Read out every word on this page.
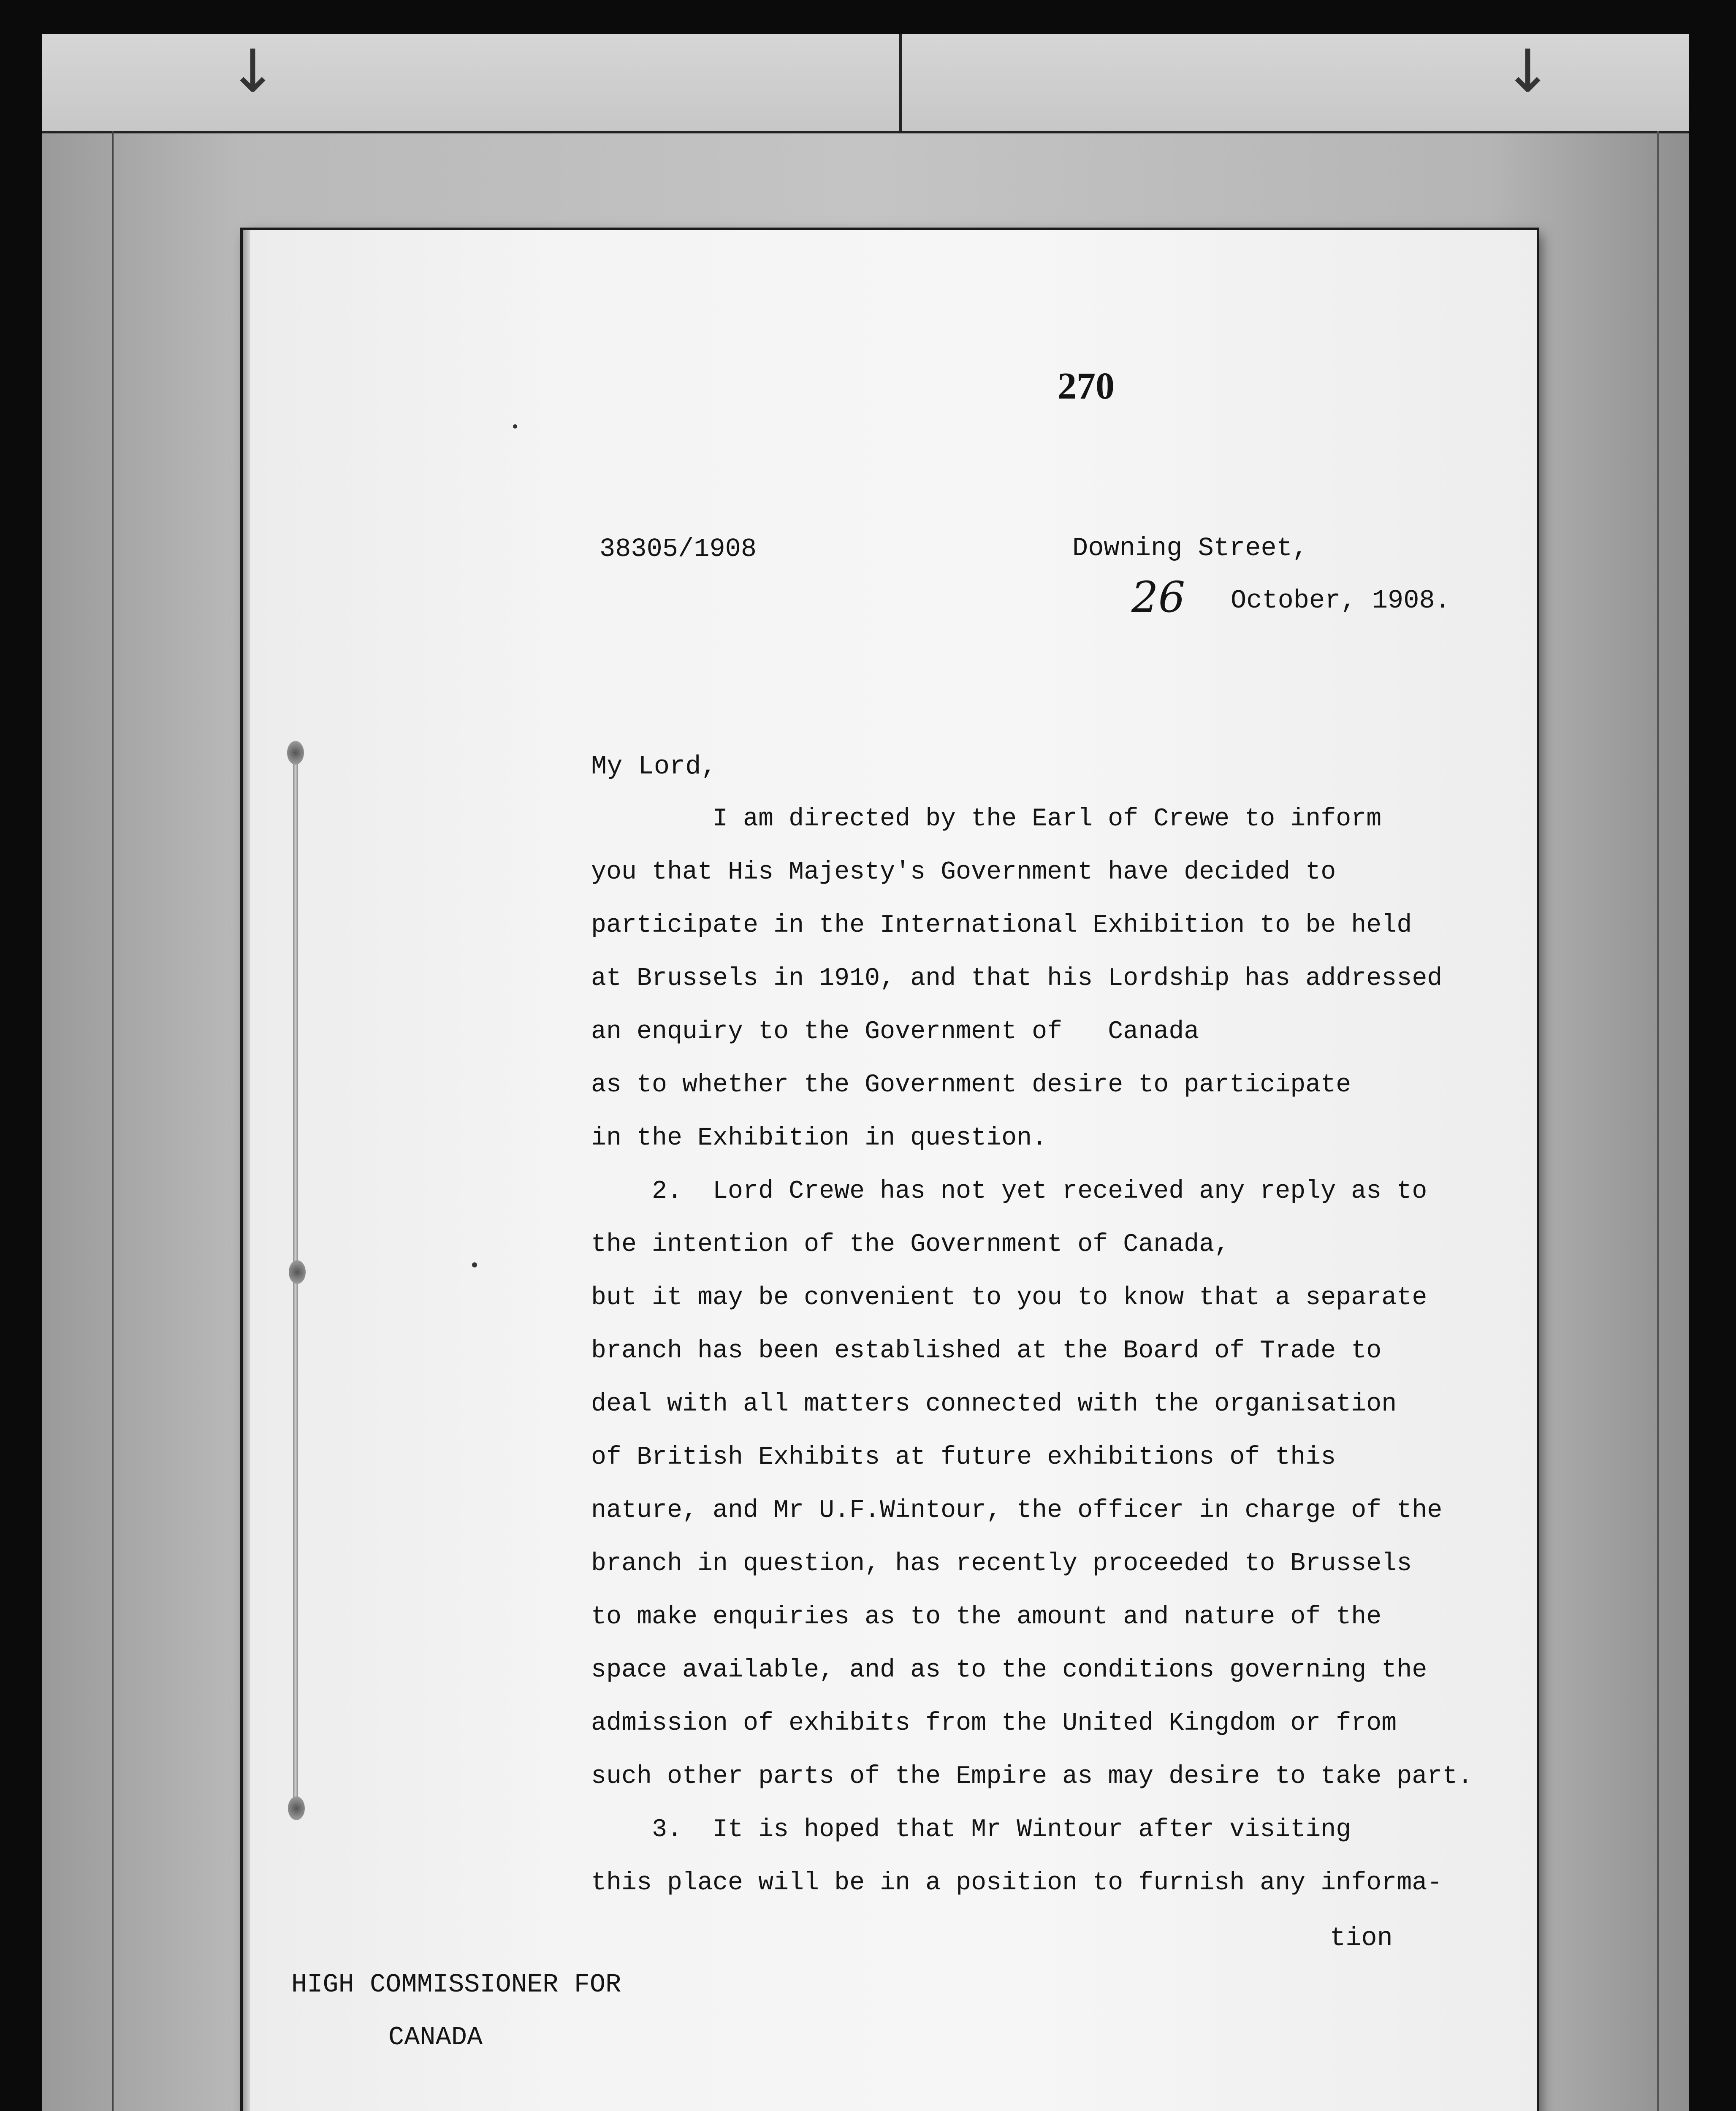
↓	↓
270
38305/1908	Downing Street,
26 October, 1908.
My Lord,
I am directed by the Earl of Crewe to inform
you that His Majesty's Government have decided to
participate in the International Exhibition to be held
at Brussels in 1910, and that his Lordship has addressed
an enquiry to the Government of   Canada
as to whether the Government desire to participate
in the Exhibition in question.
2.  Lord Crewe has not yet received any reply as to
the intention of the Government of Canada,
but it may be convenient to you to know that a separate
branch has been established at the Board of Trade to
deal with all matters connected with the organisation
of British Exhibits at future exhibitions of this
nature, and Mr U.F.Wintour, the officer in charge of the
branch in question, has recently proceeded to Brussels
to make enquiries as to the amount and nature of the
space available, and as to the conditions governing the
admission of exhibits from the United Kingdom or from
such other parts of the Empire as may desire to take part.
3.  It is hoped that Mr Wintour after visiting
this place will be in a position to furnish any informa-
tion
HIGH COMMISSIONER FOR
CANADA
